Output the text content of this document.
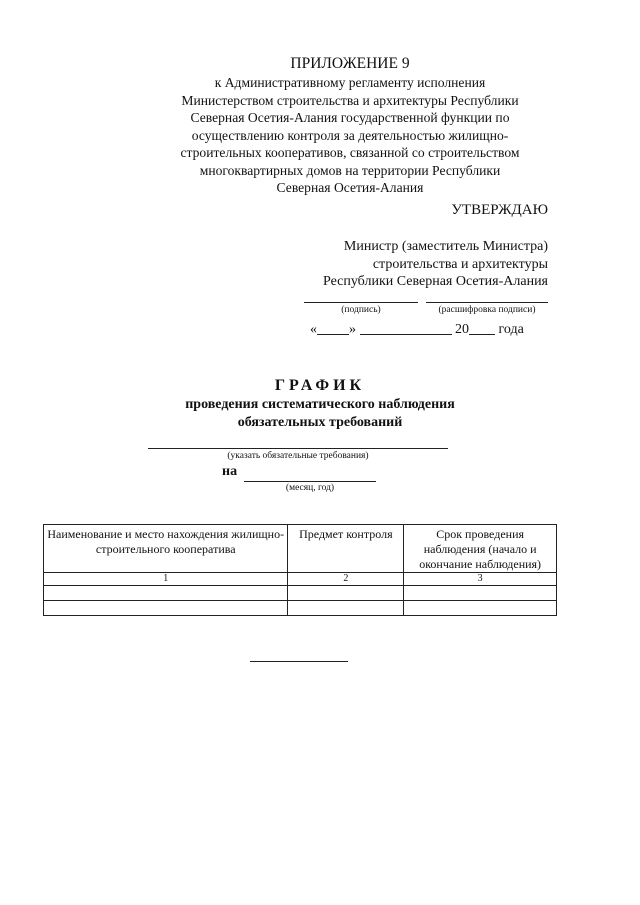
ПРИЛОЖЕНИЕ 9
к Административному регламенту исполнения
Министерством строительства и архитектуры Республики
Северная Осетия-Алания государственной функции по
осуществлению контроля за деятельностью жилищно-
строительных кооперативов, связанной со строительством
многоквартирных домов на территории Республики
Северная Осетия-Алания
УТВЕРЖДАЮ
Министр (заместитель Министра)
строительства и архитектуры
Республики Северная Осетия-Алания
(подпись)	(расшифровка подписи)
« »	20 года
ГРАФИК
проведения систематического наблюдения
обязательных требований
(указать обязательные требования)
на
(месяц, год)
Наименование и место нахождения жилищно-строительного кооператива	Предмет контроля	Срок проведения наблюдения (начало и окончание наблюдения)
1	2	3
